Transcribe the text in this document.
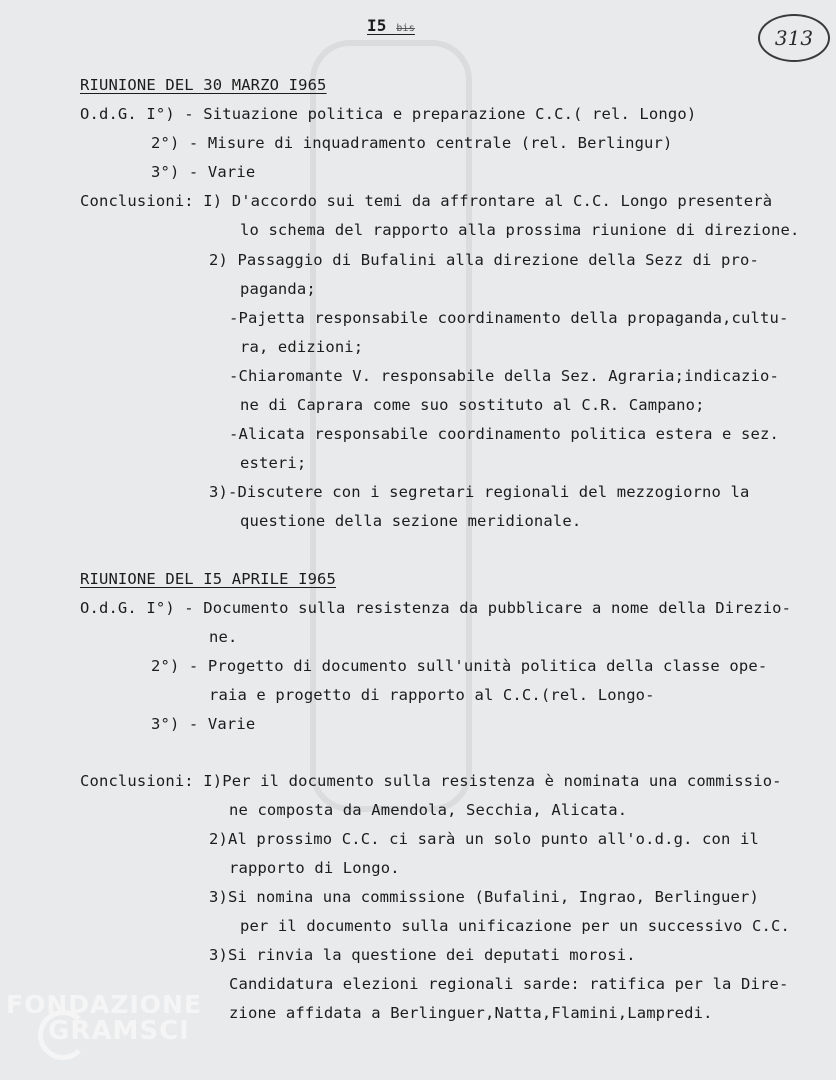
I5 bis	313
RIUNIONE DEL 30 MARZO I965
O.d.G. I°) - Situazione politica e preparazione C.C.( rel. Longo)
2°) - Misure di inquadramento centrale (rel. Berlingur)
3°) - Varie
Conclusioni: I) D'accordo sui temi da affrontare al C.C. Longo presenterà
lo schema del rapporto alla prossima riunione di direzione.
2) Passaggio di Bufalini alla direzione della Sezz di pro-
paganda;
-Pajetta responsabile coordinamento della propaganda,cultu-
ra, edizioni;
-Chiaromante V. responsabile della Sez. Agraria;indicazio-
ne di Caprara come suo sostituto al C.R. Campano;
-Alicata responsabile coordinamento politica estera e sez.
esteri;
3)-Discutere con i segretari regionali del mezzogiorno la
questione della sezione meridionale.
RIUNIONE DEL I5 APRILE I965
O.d.G. I°) - Documento sulla resistenza da pubblicare a nome della Direzio-
ne.
2°) - Progetto di documento sull'unità politica della classe ope-
raia e progetto di rapporto al C.C.(rel. Longo-
3°) - Varie
Conclusioni: I)Per il documento sulla resistenza è nominata una commissio-
ne composta da Amendola, Secchia, Alicata.
2)Al prossimo C.C. ci sarà un solo punto all'o.d.g. con il
rapporto di Longo.
3)Si nomina una commissione (Bufalini, Ingrao, Berlinguer)
per il documento sulla unificazione per un successivo C.C.
3)Si rinvia la questione dei deputati morosi.
Candidatura elezioni regionali sarde: ratifica per la Dire-
zione affidata a Berlinguer,Natta,Flamini,Lampredi.
FONDAZIONE
GRAMSCI
